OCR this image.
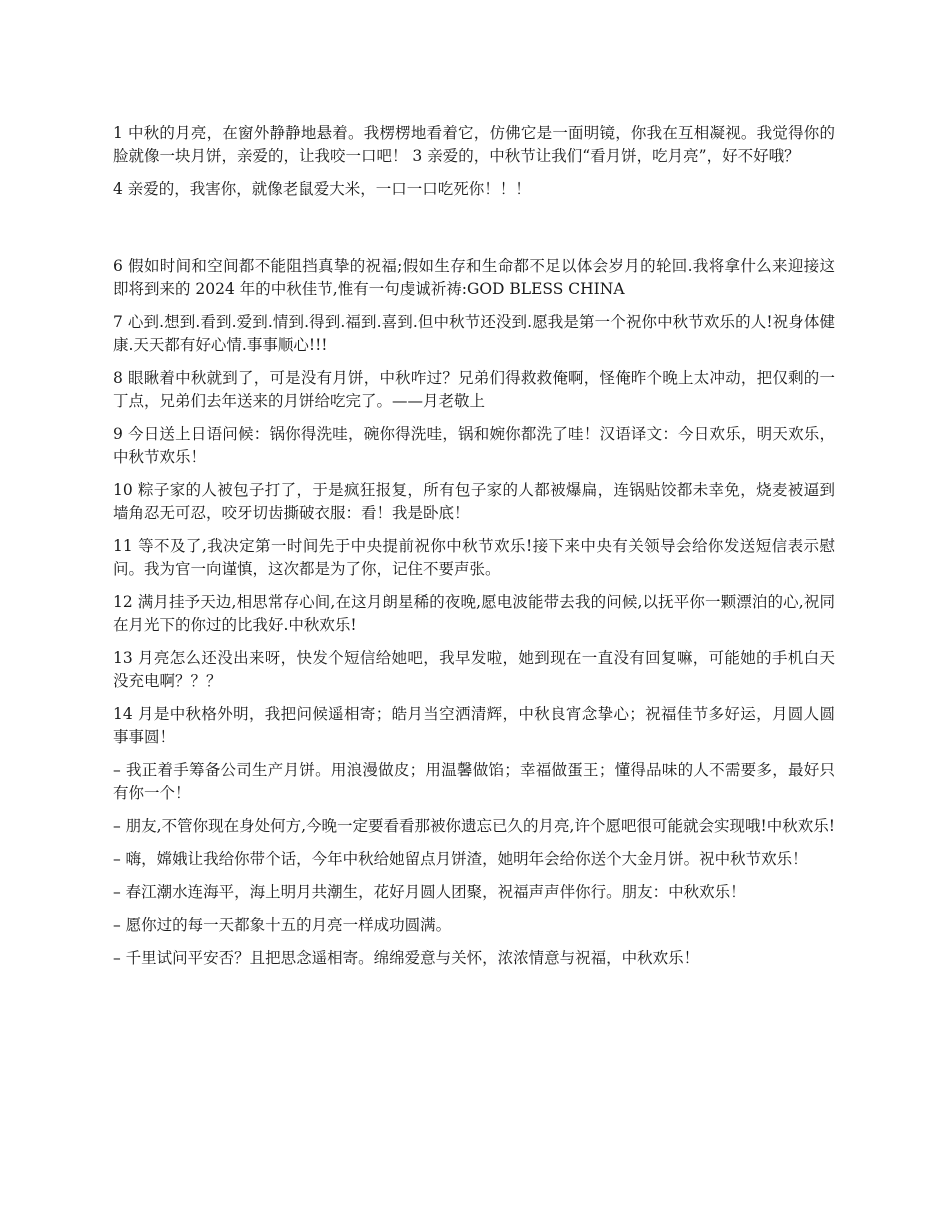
1 中秋的月亮，在窗外静静地悬着。我楞楞地看着它，仿佛它是一面明镜，你我在互相凝视。我觉得你的脸就像一块月饼，亲爱的，让我咬一口吧！ 3 亲爱的，中秋节让我们“看月饼，吃月亮”，好不好哦？

4 亲爱的，我害你，就像老鼠爱大米，一口一口吃死你！！！

6 假如时间和空间都不能阻挡真挚的祝福;假如生存和生命都不足以体会岁月的轮回.我将拿什么来迎接这即将到来的 2024 年的中秋佳节,惟有一句虔诚祈祷:GOD BLESS CHINA

7 心到.想到.看到.爱到.情到.得到.福到.喜到.但中秋节还没到.愿我是第一个祝你中秋节欢乐的人!祝身体健康.天天都有好心情.事事顺心!!!

8 眼瞅着中秋就到了，可是没有月饼，中秋咋过？兄弟们得救救俺啊，怪俺昨个晚上太冲动，把仅剩的一丁点，兄弟们去年送来的月饼给吃完了。——月老敬上

9 今日送上日语问候：锅你得洗哇，碗你得洗哇，锅和婉你都洗了哇！汉语译文：今日欢乐，明天欢乐，中秋节欢乐！

10 粽子家的人被包子打了，于是疯狂报复，所有包子家的人都被爆扁，连锅贴饺都未幸免，烧麦被逼到墙角忍无可忍，咬牙切齿撕破衣服：看！我是卧底！

11 等不及了,我决定第一时间先于中央提前祝你中秋节欢乐!接下来中央有关领导会给你发送短信表示慰问。我为官一向谨慎，这次都是为了你，记住不要声张。

12 满月挂予天边,相思常存心间,在这月朗星稀的夜晚,愿电波能带去我的问候,以抚平你一颗漂泊的心,祝同在月光下的你过的比我好.中秋欢乐!

13 月亮怎么还没出来呀，快发个短信给她吧，我早发啦，她到现在一直没有回复嘛，可能她的手机白天没充电啊？？？

14 月是中秋格外明，我把问候遥相寄；皓月当空洒清辉，中秋良宵念挚心；祝福佳节多好运，月圆人圆事事圆！

– 我正着手筹备公司生产月饼。用浪漫做皮；用温馨做馅；幸福做蛋王；懂得品味的人不需要多，最好只有你一个！

– 朋友,不管你现在身处何方,今晚一定要看看那被你遗忘已久的月亮,许个愿吧很可能就会实现哦!中秋欢乐!

– 嗨，嫦娥让我给你带个话，今年中秋给她留点月饼渣，她明年会给你送个大金月饼。祝中秋节欢乐！

– 春江潮水连海平，海上明月共潮生，花好月圆人团聚，祝福声声伴你行。朋友：中秋欢乐！

– 愿你过的每一天都象十五的月亮一样成功圆满。

– 千里试问平安否？且把思念遥相寄。绵绵爱意与关怀，浓浓情意与祝福，中秋欢乐！
